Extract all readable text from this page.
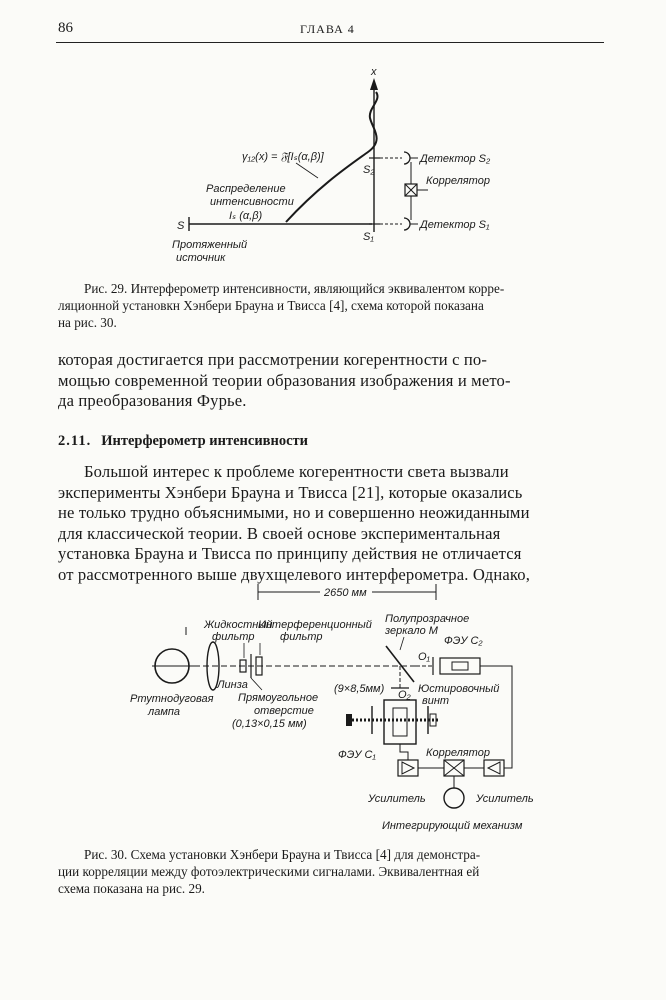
86	ГЛАВА 4
x
S₂
S₁
Детектор S₂
Коррелятор
Детектор S₁
γ₁₂(x) = 𝔉[Iₛ(α,β)]
Распределение
интенсивности
Iₛ (α,β)
S
Протяженный
источник

Рис. 29. Интерферометр интенсивности, являющийся эквивалентом корре-

ляционной установкн Хэнбери Брауна и Твисса [4], схема которой показана

на рис. 30.

которая достигается при рассмотрении когерентности с по-

мощью современной теории образования изображения и мето-

да преобразования Фурье.

2.11. Интерферометр интенсивности

Большой интерес к проблеме когерентности света вызвали

эксперименты Хэнбери Брауна и Твисса [21], которые оказались

не только трудно объяснимыми, но и совершенно неожиданными

для классической теории. В своей основе экспериментальная

установка Брауна и Твисса по принципу действия не отличается

от рассмотренного выше двухщелевого интерферометра. Однако,

2650 мм
Ртутнодуговая
лампа
Линза
Жидкостный
фильтр
Интерференционный
фильтр
Прямоугольное
отверстие
(0,13×0,15 мм)
Полупрозрачное
зеркало M
ФЭУ C₂
O₁
(9×8,5мм) O₂ Юстировочный
винт
ФЭУ C₁	Коррелятор
Усилитель	Усилитель
Интегрирующий механизм

Рис. 30. Схема установки Хэнбери Брауна и Твисса [4] для демонстра-

ции корреляции между фотоэлектрическими сигналами. Эквивалентная ей

схема показана на рис. 29.
